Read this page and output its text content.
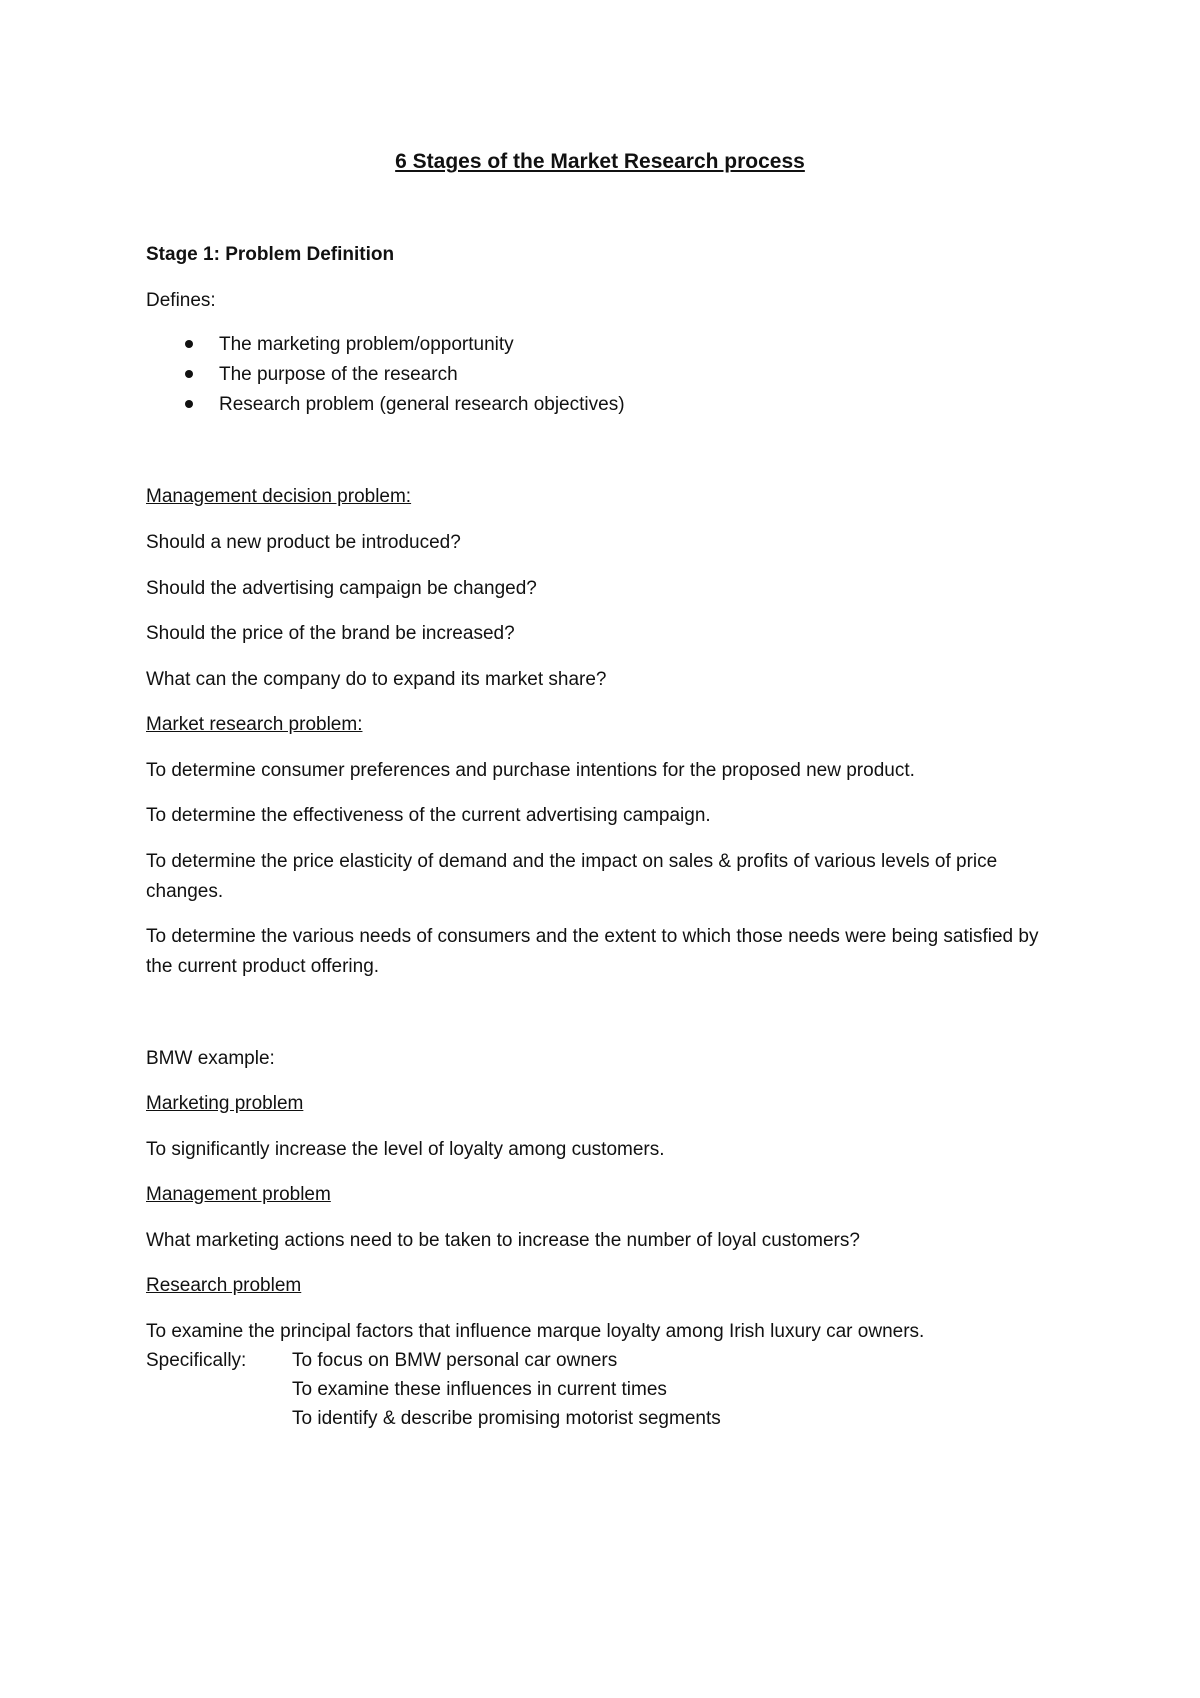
6 Stages of the Market Research process

Stage 1: Problem Definition

Defines:

The marketing problem/opportunity
The purpose of the research
Research problem (general research objectives)

Management decision problem:

Should a new product be introduced?

Should the advertising campaign be changed?

Should the price of the brand be increased?

What can the company do to expand its market share?

Market research problem:

To determine consumer preferences and purchase intentions for the proposed new product.

To determine the effectiveness of the current advertising campaign.

To determine the price elasticity of demand and the impact on sales & profits of various levels of price changes.

To determine the various needs of consumers and the extent to which those needs were being satisfied by the current product offering.

BMW example:

Marketing problem

To significantly increase the level of loyalty among customers.

Management problem

What marketing actions need to be taken to increase the number of loyal customers?

Research problem

To examine the principal factors that influence marque loyalty among Irish luxury car owners.

Specifically: To focus on BMW personal car owners
To examine these influences in current times
To identify & describe promising motorist segments
